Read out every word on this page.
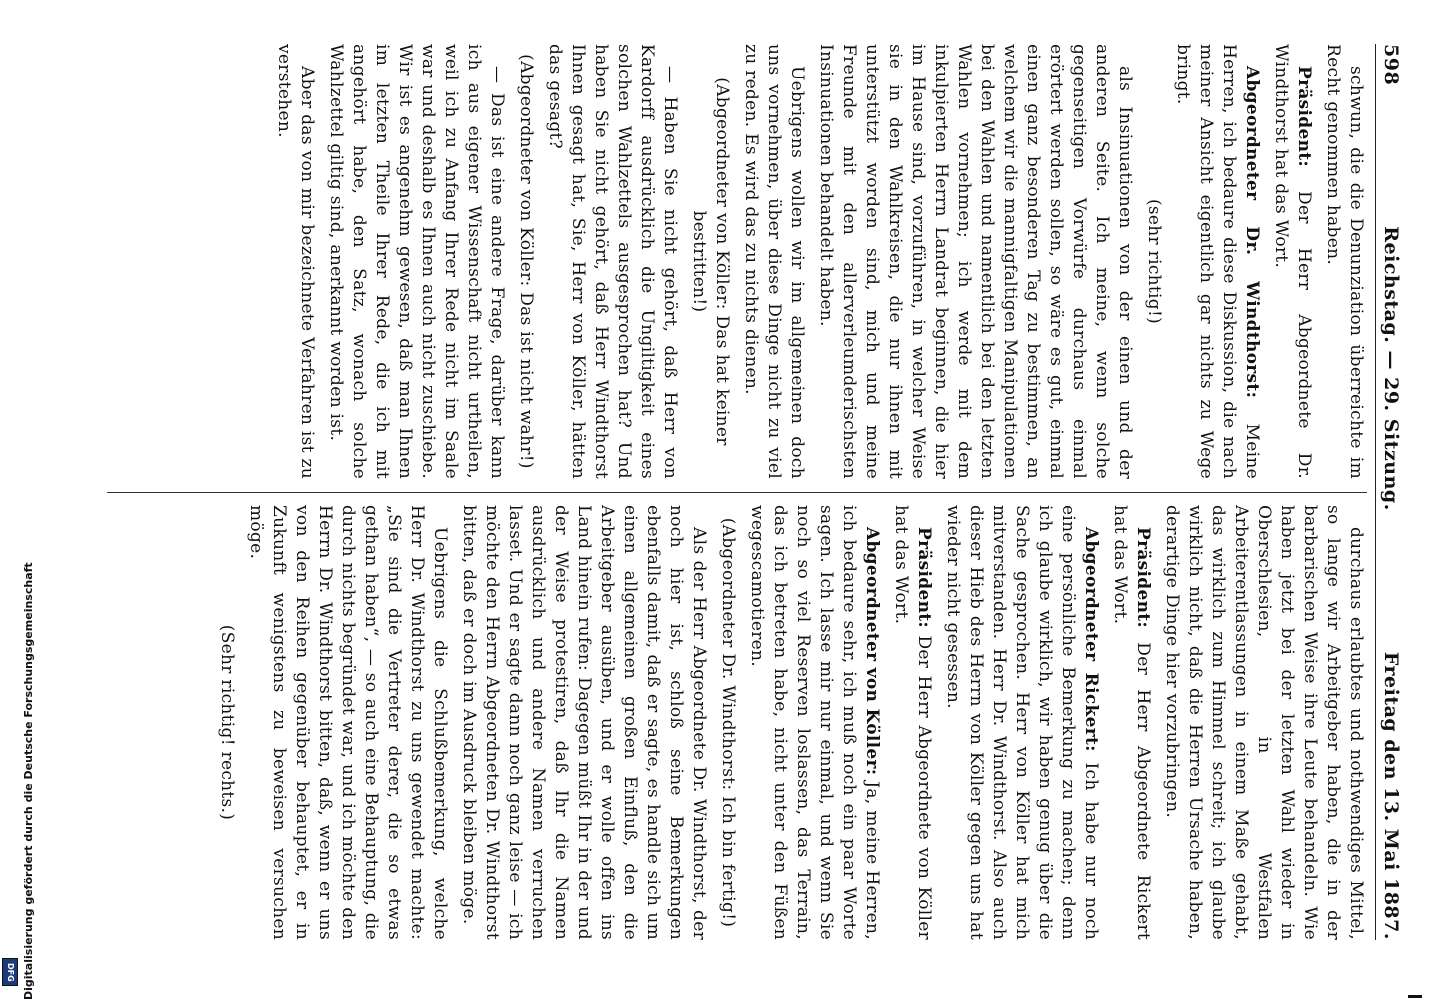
Digitalisierung gefördert durch die Deutsche Forschungsgemeinschaft
DFG
598
Reichstag. — 29. Sitzung.
Freitag den 13. Mai 1887.

schwun, die die Denunziation überreichte im Recht genommen haben.

Präsident: Der Herr Abgeordnete Dr. Windthorst hat das Wort.

Abgeordneter Dr. Windthorst: Meine Herren, ich bedaure diese Diskussion, die nach meiner Ansicht eigentlich gar nichts zu Wege bringt.

(sehr richtig!)

als Insinuationen von der einen und der anderen Seite. Ich meine, wenn solche gegenseitigen Vorwürfe durchaus einmal erörtert werden sollen, so wäre es gut, einmal einen ganz besonderen Tag zu bestimmen, an welchem wir die mannigfaltigen Manipulationen bei den Wahlen und namentlich bei den letzten Wahlen vornehmen; ich werde mit dem inkulpierten Herrn Landrat beginnen, die hier im Hause sind, vorzuführen, in welcher Weise sie in den Wahlkreisen, die nur ihnen mit unterstützt worden sind, mich und meine Freunde mit den allerverleumderischsten Insinuationen behandelt haben.

Uebrigens wollen wir im allgemeinen doch uns vornehmen, über diese Dinge nicht zu viel zu reden. Es wird das zu nichts dienen.

(Abgeordneter von Köller: Das hat keiner bestritten!)

— Haben Sie nicht gehört, daß Herr von Kardorff ausdrücklich die Ungiltigkeit eines solchen Wahlzettels ausgesprochen hat? Und haben Sie nicht gehört, daß Herr Windthorst Ihnen gesagt hat, Sie, Herr von Köller, hätten das gesagt?

(Abgeordneter von Köller: Das ist nicht wahr!)

— Das ist eine andere Frage, darüber kann ich aus eigener Wissenschaft nicht urtheilen, weil ich zu Anfang Ihrer Rede nicht im Saale war und deshalb es Ihnen auch nicht zuschiebe. Wir ist es angenehm gewesen, daß man Ihnen im letzten Theile Ihrer Rede, die ich mit angehört habe, den Satz, wonach solche Wahlzettel giltig sind, anerkannt worden ist.

Aber das von mir bezeichnete Verfahren ist zu verstehen.

durchaus erlaubtes und nothwendiges Mittel, so lange wir Arbeitgeber haben, die in der barbarischen Weise ihre Leute behandeln. Wie haben jetzt bei der letzten Wahl wieder in Oberschlesien, in Westfalen Arbeiterentlassungen in einem Maße gehabt, das wirklich zum Himmel schreit; ich glaube wirklich nicht, daß die Herren Ursache haben, derartige Dinge hier vorzubringen.

Präsident: Der Herr Abgeordnete Rickert hat das Wort.

Abgeordneter Rickert: Ich habe nur noch eine persönliche Bemerkung zu machen; denn ich glaube wirklich, wir haben genug über die Sache gesprochen. Herr von Köller hat mich mitverstanden. Herr Dr. Windthorst. Also auch dieser Hieb des Herrn von Köller gegen uns hat wieder nicht gesessen.

Präsident: Der Herr Abgeordnete von Köller hat das Wort.

Abgeordneter von Köller: Ja, meine Herren, ich bedaure sehr, ich muß noch ein paar Worte sagen. Ich lasse mir nur einmal, und wenn Sie noch so viel Reserven loslassen, das Terrain, das ich betreten habe, nicht unter den Füßen wegescamotieren.

(Abgeordneter Dr. Windthorst: Ich bin fertig!)

Als der Herr Abgeordnete Dr. Windthorst, der noch hier ist, schloß seine Bemerkungen ebenfalls damit, daß er sagte, es handle sich um einen allgemeinen großen Einfluß, den die Arbeitgeber ausüben, und er wolle offen ins Land hinein rufen: Dagegen müßt Ihr in der und der Weise protestiren, daß Ihr die Namen ausdrücklich und andere Namen verruchen lasset. Und er sagte dann noch ganz leise — ich möchte den Herrn Abgeordneten Dr. Windthorst bitten, daß er doch im Ausdruck bleiben möge.

Uebrigens die Schlußbemerkung, welche Herr Dr. Windthorst zu uns gewendet machte: „Sie sind die Vertreter derer, die so etwas gethan haben“, — so auch eine Behauptung, die durch nichts begründet war, und ich möchte den Herrn Dr. Windthorst bitten, daß, wenn er uns von den Reihen gegenüber behauptet, er in Zukunft wenigstens zu beweisen versuchen möge.

(Sehr richtig! rechts.)
